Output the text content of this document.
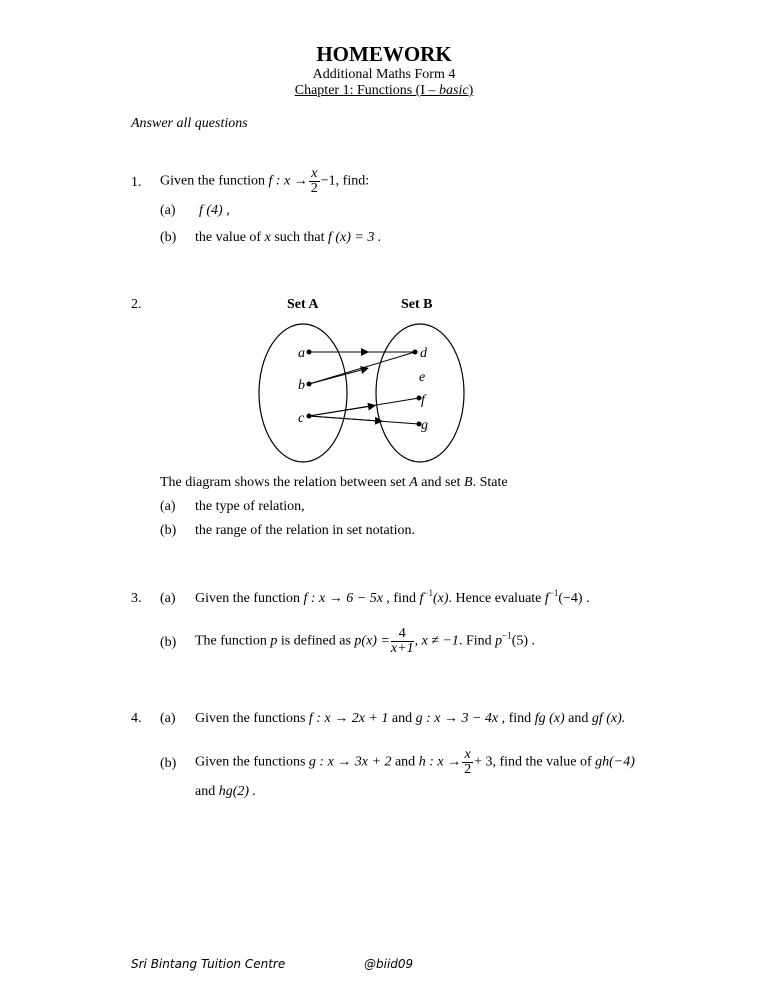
HOMEWORK
Additional Maths Form 4
Chapter 1: Functions (I – basic)
Answer all questions
1. Given the function f : $x \to \frac{x}{2} -1$, find:
(a) f (4) ,
(b) the value of x such that f (x) = 3 .
2.	Set A	Set B
a
b
c
d
e
f
g
The diagram shows the relation between set A and set B. State
(a) the type of relation,
(b) the range of the relation in set notation.
3. (a) Given the function f : x → 6 − 5x , find $f^{-1}(x)$. Hence evaluate $f^{-1}(-4)$ .
(b) The function p is defined as $p(x) = \frac{4}{x+1}$ , x ≠ −1. Find $p^{-1}(5)$ .
4. (a) Given the functions f : x → 2x + 1 and g : x → 3 − 4x , find fg (x) and gf (x).
(b) Given the functions g : x → 3x + 2 and h : $x \to \frac{x}{2} + 3$, find the value of gh(−4)
and hg(2) .
Sri Bintang Tuition Centre	@biid09
